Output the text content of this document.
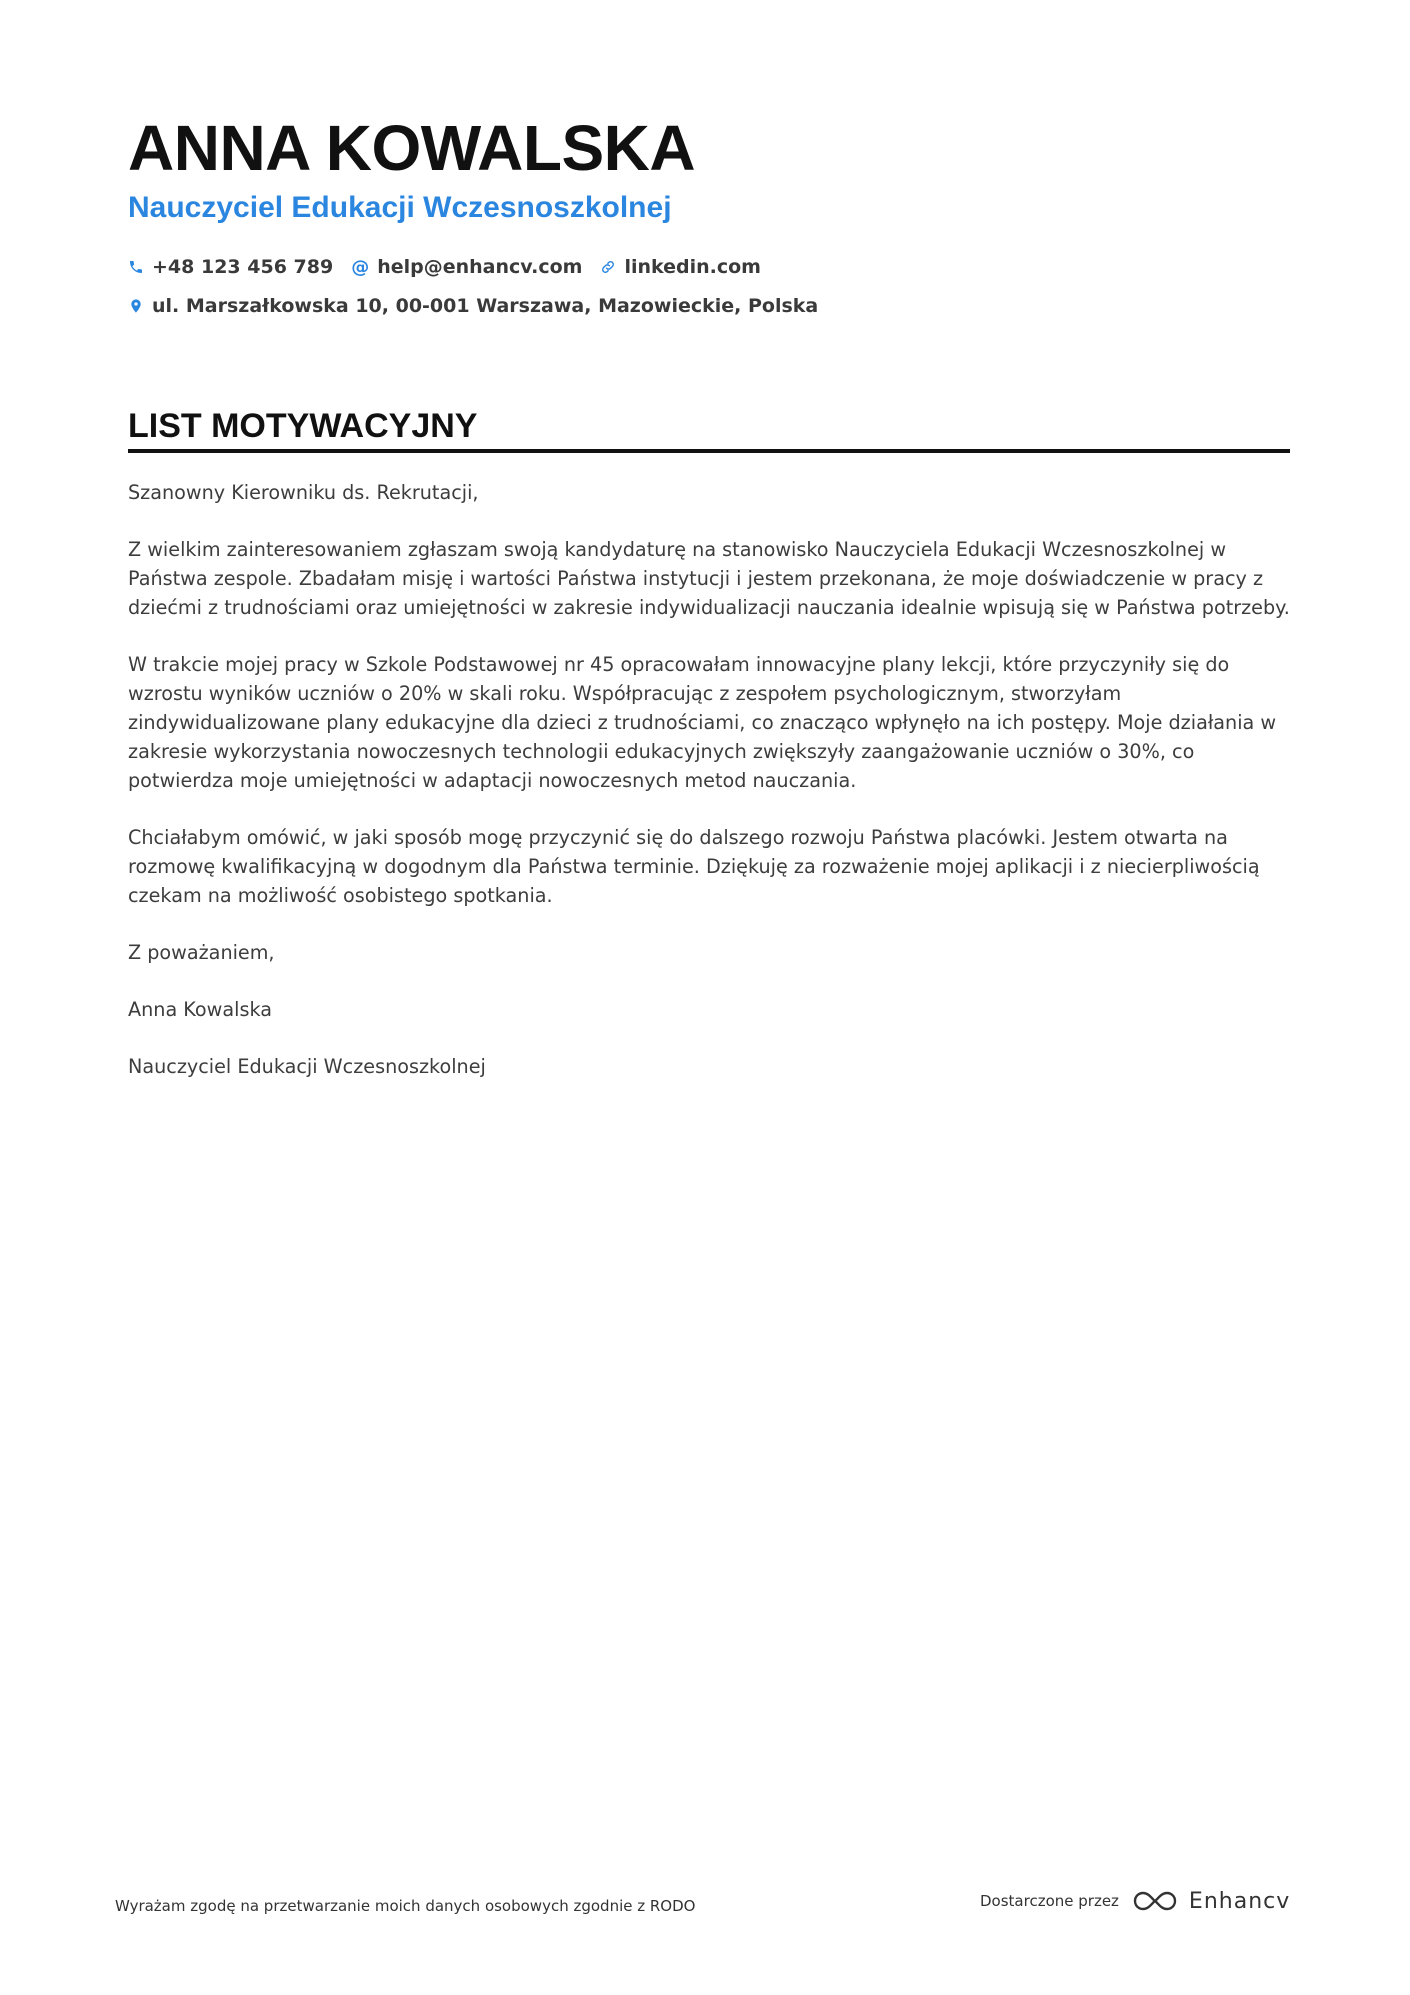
ANNA KOWALSKA
Nauczyciel Edukacji Wczesnoszkolnej
+48 123 456 789 @ help@enhancv.com linkedin.com
ul. Marszałkowska 10, 00-001 Warszawa, Mazowieckie, Polska
LIST MOTYWACYJNY

Szanowny Kierowniku ds. Rekrutacji,

Z wielkim zainteresowaniem zgłaszam swoją kandydaturę na stanowisko Nauczyciela Edukacji Wczesnoszkolnej w Państwa zespole. Zbadałam misję i wartości Państwa instytucji i jestem przekonana, że moje doświadczenie w pracy z dziećmi z trudnościami oraz umiejętności w zakresie indywidualizacji nauczania idealnie wpisują się w Państwa potrzeby.

W trakcie mojej pracy w Szkole Podstawowej nr 45 opracowałam innowacyjne plany lekcji, które przyczyniły się do wzrostu wyników uczniów o 20% w skali roku. Współpracując z zespołem psychologicznym, stworzyłam zindywidualizowane plany edukacyjne dla dzieci z trudnościami, co znacząco wpłynęło na ich postępy. Moje działania w zakresie wykorzystania nowoczesnych technologii edukacyjnych zwiększyły zaangażowanie uczniów o 30%, co potwierdza moje umiejętności w adaptacji nowoczesnych metod nauczania.

Chciałabym omówić, w jaki sposób mogę przyczynić się do dalszego rozwoju Państwa placówki. Jestem otwarta na rozmowę kwalifikacyjną w dogodnym dla Państwa terminie. Dziękuję za rozważenie mojej aplikacji i z niecierpliwością czekam na możliwość osobistego spotkania.

Z poważaniem,

Anna Kowalska

Nauczyciel Edukacji Wczesnoszkolnej

Wyrażam zgodę na przetwarzanie moich danych osobowych zgodnie z RODO	Dostarczone przez	Enhancv
